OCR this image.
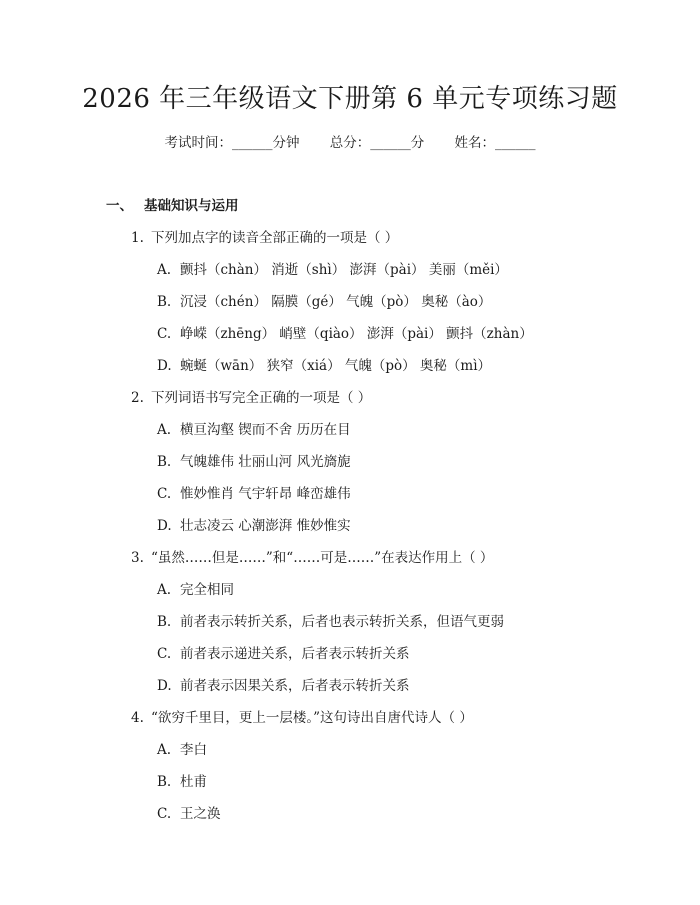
2026 年三年级语文下册第 6 单元专项练习题
考试时间：______分钟 总分：______分 姓名：______
一、 基础知识与运用
1. 下列加点字的读音全部正确的一项是（ ）
A. 颤抖（chàn） 消逝（shì） 澎湃（pài） 美丽（měi）
B. 沉浸（chén） 隔膜（gé） 气魄（pò） 奥秘（ào）
C. 峥嵘（zhēng） 峭壁（qiào） 澎湃（pài） 颤抖（zhàn）
D. 蜿蜒（wān） 狭窄（xiá） 气魄（pò） 奥秘（mì）
2. 下列词语书写完全正确的一项是（ ）
A. 横亘沟壑 锲而不舍 历历在目
B. 气魄雄伟 壮丽山河 风光旖旎
C. 惟妙惟肖 气宇轩昂 峰峦雄伟
D. 壮志凌云 心潮澎湃 惟妙惟实
3. “虽然……但是……”和“……可是……”在表达作用上（ ）
A. 完全相同
B. 前者表示转折关系，后者也表示转折关系，但语气更弱
C. 前者表示递进关系，后者表示转折关系
D. 前者表示因果关系，后者表示转折关系
4. “欲穷千里目，更上一层楼。”这句诗出自唐代诗人（ ）
A. 李白
B. 杜甫
C. 王之涣
